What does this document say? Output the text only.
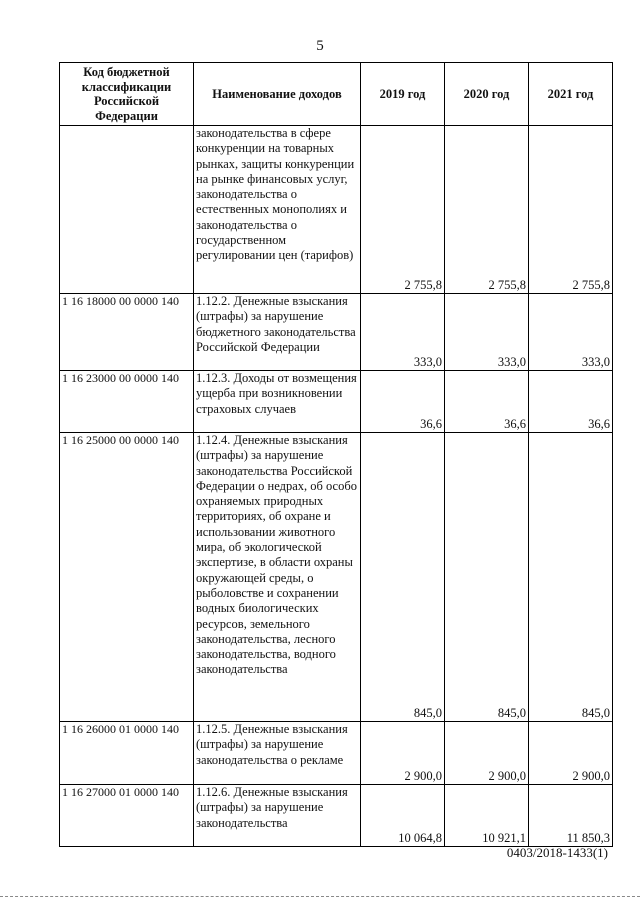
5
Код бюджетной классификации Российской Федерации	Наименование доходов	2019 год	2020 год	2021 год
	законодательства в сфере конкуренции на товарных рынках, защиты конкуренции на рынке финансовых услуг, законодательства о естественных монополиях и законодательства о государственном регулировании цен (тарифов)	2 755,8	2 755,8	2 755,8
1 16 18000 00 0000 140	1.12.2. Денежные взыскания (штрафы) за нарушение бюджетного законодательства Российской Федерации	333,0	333,0	333,0
1 16 23000 00 0000 140	1.12.3. Доходы от возмещения ущерба при возникновении страховых случаев	36,6	36,6	36,6
1 16 25000 00 0000 140	1.12.4. Денежные взыскания (штрафы) за нарушение законодательства Российской Федерации о недрах, об особо охраняемых природных территориях, об охране и использовании животного мира, об экологической экспертизе, в области охраны окружающей среды, о рыболовстве и сохранении водных биологических ресурсов, земельного законодательства, лесного законодательства, водного законодательства	845,0	845,0	845,0
1 16 26000 01 0000 140	1.12.5. Денежные взыскания (штрафы) за нарушение законодательства о рекламе	2 900,0	2 900,0	2 900,0
1 16 27000 01 0000 140	1.12.6. Денежные взыскания (штрафы) за нарушение законодательства	10 064,8	10 921,1	11 850,3
0403/2018-1433(1)
